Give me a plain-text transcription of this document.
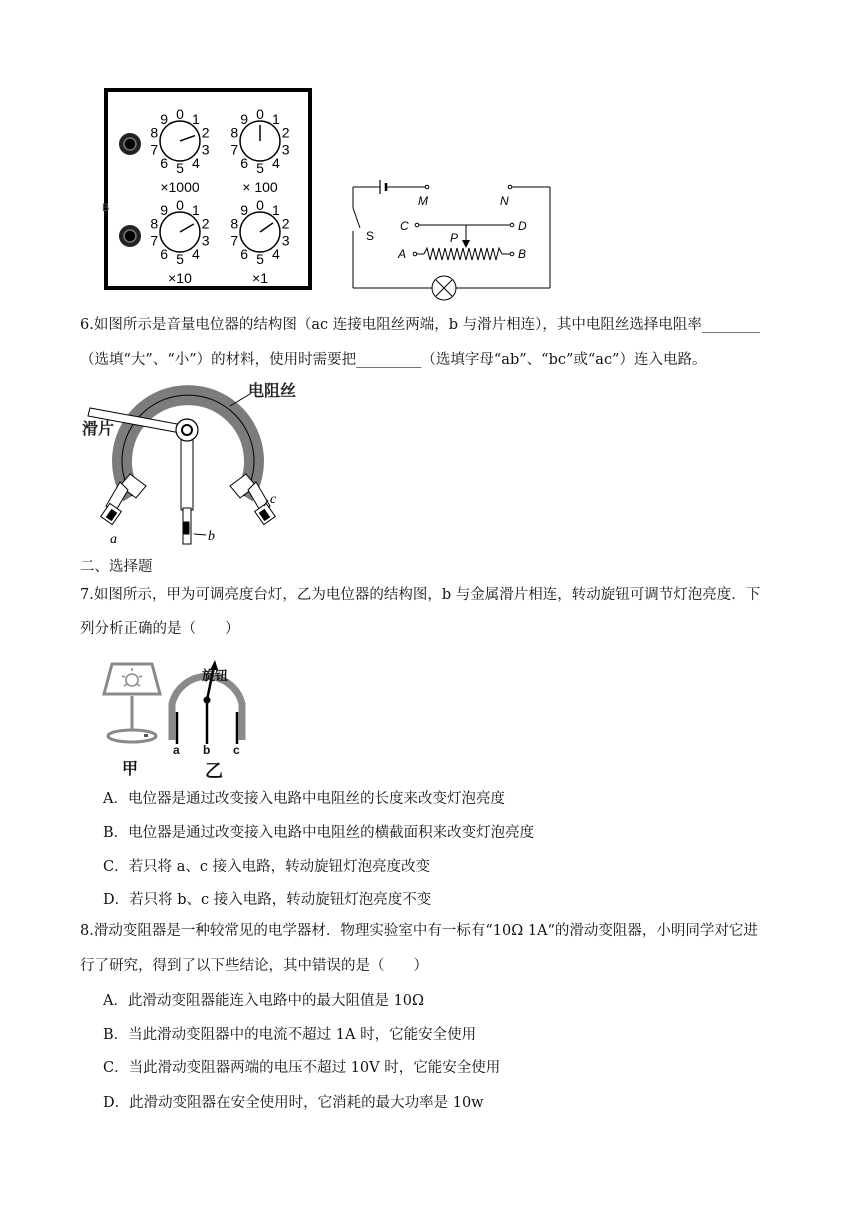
B
0 1
2
3
4
5
6
7
8
9
×1000
0 1
2
3
4
5
6
7
8
9
× 100
0 1
2
3
4
5
6
7
8
9
×10
0 1
2
3
4
5
6
7
8
9
×1
M	N
C	D
S	P
A	B
6.如图所示是音量电位器的结构图（ac 连接电阻丝两端，b 与滑片相连），其中电阻丝选择电阻率________
（选填“大”、“小”）的材料，使用时需要把_________（选填字母“ab”、“bc”或“ac”）连入电路。
电阻丝
滑片
a	b
c
二、选择题
7.如图所示，甲为可调亮度台灯，乙为电位器的结构图，b 与金属滑片相连，转动旋钮可调节灯泡亮度．下
列分析正确的是（　　）
旋钮
a b c
甲	乙
A．电位器是通过改变接入电路中电阻丝的长度来改变灯泡亮度
B．电位器是通过改变接入电路中电阻丝的横截面积来改变灯泡亮度
C．若只将 a、c 接入电路，转动旋钮灯泡亮度改变
D．若只将 b、c 接入电路，转动旋钮灯泡亮度不变
8.滑动变阻器是一种较常见的电学器材．物理实验室中有一标有“10Ω 1A“的滑动变阻器，小明同学对它进
行了研究，得到了以下些结论，其中错误的是（　　）
A．此滑动变阻器能连入电路中的最大阻值是 10Ω
B．当此滑动变阻器中的电流不超过 1A 时，它能安全使用
C．当此滑动变阻器两端的电压不超过 10V 时，它能安全使用
D．此滑动变阻器在安全使用时，它消耗的最大功率是 10w
